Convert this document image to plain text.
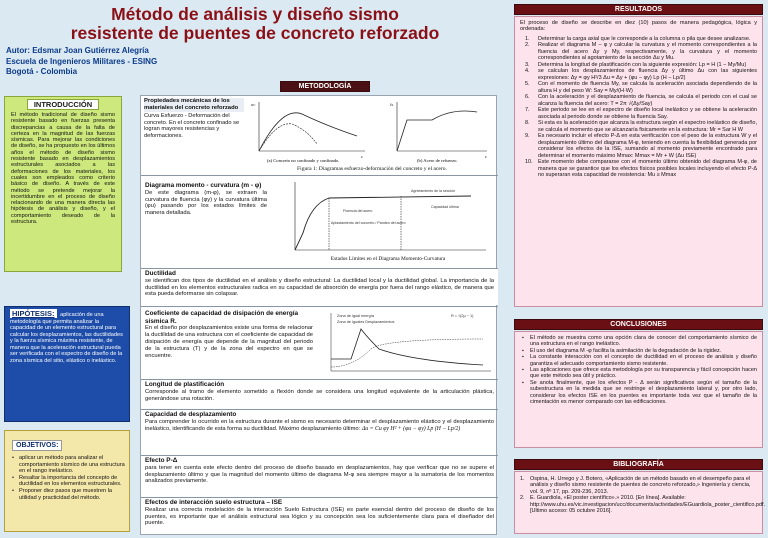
Método de análisis y diseño sismo
resistente de puentes de concreto reforzado
Autor: Edsmar Joan Gutiérrez Alegría
Escuela de Ingenieros Militares - ESING
Bogotá - Colombia
INTRODUCCIÓN
El método tradicional de diseño sismo resistente basado en fuerzas presenta discrepancias a causa de la falta de certeza en la magnitud de las fuerzas sísmicas. Para mejorar las condiciones de diseño, se ha propuesto en los últimos años el método de diseño sismo resistente basado en desplazamientos estructurales asociados a las deformaciones de los materiales, los cuales son empleados como criterio básico de diseño. A través de este método se pretende mejorar la incertidumbre en el proceso de diseño relacionando de una manera directa las hipótesis de análisis y diseño, y el comportamiento deseado de la estructura.
HIPÓTESIS: aplicación de una metodología que permita analizar la capacidad de un elemento estructural para calcular los desplazamientos, las ductilidades y la fuerza sísmica máxima resistente, de manera que la aceleración estructural pueda ser verificada con el espectro de diseño de la zona sísmica del sitio, elástico o inelástico.
OBJETIVOS:
• aplicar un método para analizar el comportamiento sísmico de una estructura en el rango inelástico.
• Resaltar la importancia del concepto de ductilidad en los elementos estructurales.
• Proponer diez pasos que muestren la utilidad y practicidad del método.
METODOLOGÍA
Propiedades mecánicas de los materiales del concreto reforzado

Curva Esfuerzo - Deformación del concreto. En el concreto confinado se logran mayores resistencias y deformaciones.

σc
ε
fs
ε
(a) Concreto no confinado y confinado.	(b) Acero de refuerzo.
Figura 1: Diagramas esfuerzo-deformación del concreto y el acero.
Diagrama momento - curvatura (m - φ)

De este diagrama (m-φ), se extraen la curvatura de fluencia (φy) y la curvatura última (φu) pasando por los estados límites de manera detallada.

Agrietamiento de la sección
Fluencia del acero
Aplastamiento del concreto / Pandeo del acero
Capacidad última
Estados Límites en el Diagrama Momento-Curvatura
Ductilidad

se identifican dos tipos de ductilidad en el análisis y diseño estructural: La ductilidad local y la ductilidad global. La importancia de la ductilidad en los elementos estructurales radica en su capacidad de absorción de energía por fuera del rango elástico, de manera que esta pueda deformarse sin colapsar.

Coeficiente de capacidad de disipación de energía sísmica R.

En el diseño por desplazamientos existe una forma de relacionar la ductilidad de una estructura con el coeficiente de capacidad de disipación de energía que depende de la magnitud del periodo de la estructura (T) y de la zona del espectro en que se encuentre.

Zona de igual energía
Zona de Iguales Desplazamientos
R = √(2μ − 1)
Longitud de plastificación

Corresponde al tramo de elemento sometido a flexión donde se considera una longitud equivalente de la articulación plástica, generándose una rotación.

Capacidad de desplazamiento

Para comprender lo ocurrido en la estructura durante el sismo es necesario determinar el desplazamiento elástico y el desplazamiento inelástico, identificando de esta forma su ductilidad. Máximo desplazamiento último: Δu = Cu φy H² + (φu − φy) Lp (H − Lp/2)

Efecto P-Δ

para tener en cuenta este efecto dentro del proceso de diseño basado en desplazamientos, hay que verificar que no se supere el desplazamiento último y que la magnitud del momento último de diagrama M-φ sea siempre mayor a la sumatoria de los momentos analizados previamente.

Efectos de interacción suelo estructura – ISE

Realizar una correcta modelación de la interacción Suelo Estructura (ISE) es parte esencial dentro del proceso de diseño de los puentes, es importante que el análisis estructural sea lógico y su concepción sea los suficientemente clara para el diseñador del puente.

RESULTADOS

El proceso de diseño se describe en diez (10) pasos de manera pedagógica, lógica y ordenada:

1. Determinar la carga axial que le corresponde a la columna o pila que desee analizarse.
2. Realizar el diagrama M – φ y calcular la curvatura y el momento correspondientes a la fluencia del acero Δy y My, respectivamente, y la curvatura y el momento correspondientes al agotamiento de la sección Δu y Mu.
3. Determina la longitud de plastificación con la siguiente expresión: Lp = H (1 − My/Mu)
4. se calculan los desplazamientos de fluencia Δy y último Δu con las siguientes expresiones: Δy = φy H²/3 Δu = Δy + (φu − φy) Lp (H − Lp/2)
5. Con el momento de fluencia My, se calcula la aceleración asociada dependiendo de la altura H y del peso W: Say = My/(H·W)
6. Con la aceleración y el desplazamiento de fluencia, se calcula el periodo con el cual se alcanza la fluencia del acero: T = 2π √(Δy/Say)
7. Este periodo se lee en el espectro de diseño local inelástico y se obtiene la aceleración asociada al periodo donde se obtiene la fluencia Say.
8. Si esta es la aceleración que alcanza la estructura según el espectro inelástico de diseño, se calcula el momento que se alcanzaría fisicamente en la estructura: Mr = Sar H W
9. Es necesario incluir el efecto P-Δ en esta verificación con el peso de la estructura W y el desplazamiento último del diagrama M-φ, teniendo en cuenta la flexibilidad generada por considerar los efectos de la ISE, sumando al momento previamente encontrado para determinar el momento máximo Mmax: Mmax = Mr + W (Δu ISE)
10. Este momento debe compararse con el momento último obtenido del diagrama M-φ, de manera que se garantice que los efectos físicos posibles locales incluyendo el efecto P-Δ no superaran esta capacidad de resistencia: Mu ≥ Mmax
CONCLUSIONES
▪ El método se muestra como una opción clara de conocer del comportamiento sísmico de una estructura en el rango inelástico.
▪ El uso del diagrama M -φ facilita la asimilación de la degradación de la rigidez.
▪ La constante interacción con el concepto de ductilidad en el proceso de análisis y diseño garantiza el adecuado comportamiento sismo resistente.
▪ Las aplicaciones que ofrece esta metodología por su transparencia y fácil concepción hacen que este método sea útil y práctico.
▪ Se anota finalmente, que los efectos P - Δ serán significativos según el tamaño de la subestructura en la medida que se restringe el desplazamiento lateral y, por otro lado, considerar los efectos ISE en los puentes es importante toda vez que el tamaño de la cimentación es menor comparado con las edificaciones.
BIBLIOGRAFÍA
1. Ospina, H. Urrego y J. Botero, «Aplicación de un método basado en el desempeño para el análisis y diseño sismo resistente de puentes de concreto reforzado,» Ingeniería y ciencia, vol. 9, nº 17, pp. 209-236, 2013.
2. E. Guardiola, «El poster científico».» 2010. [En línea]. Available: http://www.uhu.es/vic.investigacion/ucc/documents/actividades/EGuardiola_poster_cientifico.pdf. [Ultimo acceso: 05 octubre 2016].
